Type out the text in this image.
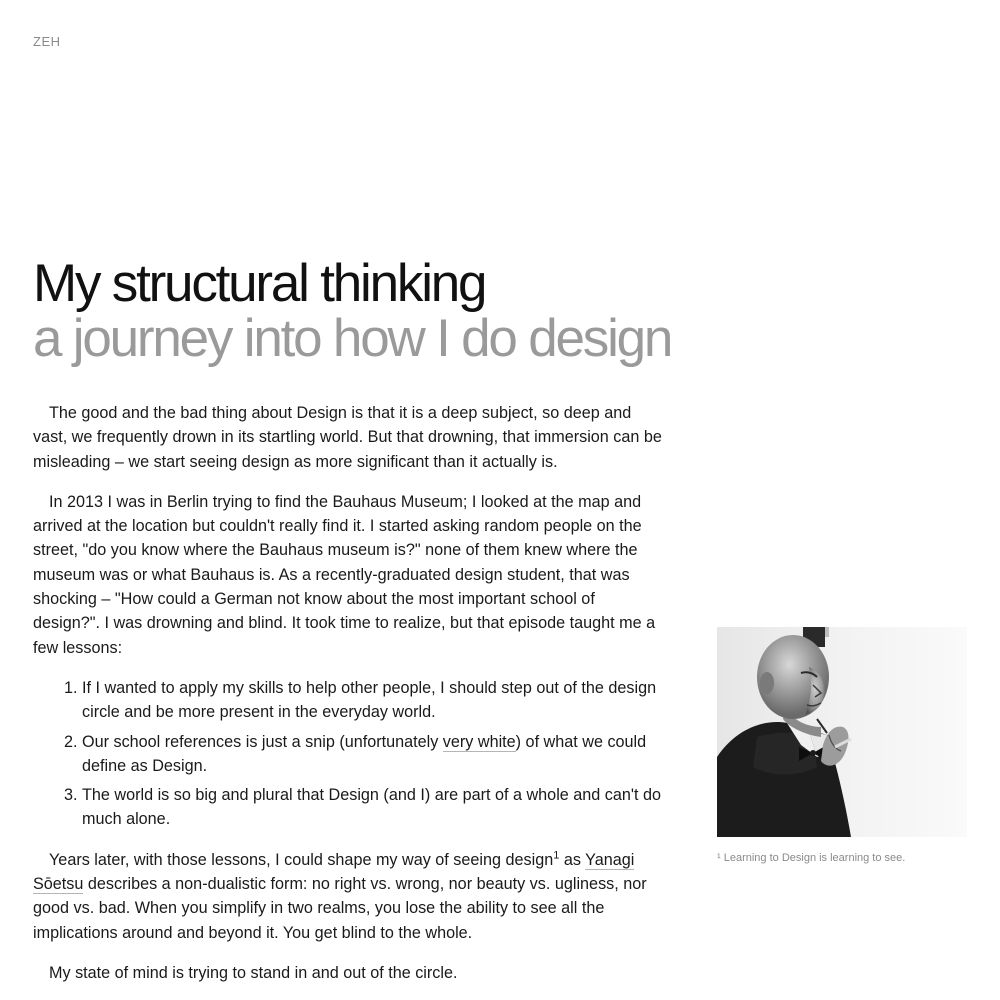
ZEH
My structural thinking
a journey into how I do design

The good and the bad thing about Design is that it is a deep subject, so deep and vast, we frequently drown in its startling world. But that drowning, that immersion can be misleading – we start seeing design as more significant than it actually is.

In 2013 I was in Berlin trying to find the Bauhaus Museum; I looked at the map and arrived at the location but couldn't really find it. I started asking random people on the street, "do you know where the Bauhaus museum is?" none of them knew where the museum was or what Bauhaus is. As a recently-graduated design student, that was shocking – "How could a German not know about the most important school of design?". I was drowning and blind. It took time to realize, but that episode taught me a few lessons:

1. If I wanted to apply my skills to help other people, I should step out of the design circle and be more present in the everyday world.
2. Our school references is just a snip (unfortunately very white) of what we could define as Design.
3. The world is so big and plural that Design (and I) are part of a whole and can't do much alone.

Years later, with those lessons, I could shape my way of seeing design$^1$ as Yanagi Sōetsu describes a non-dualistic form: no right vs. wrong, nor beauty vs. ugliness, nor good vs. bad. When you simplify in two realms, you lose the ability to see all the implications around and beyond it. You get blind to the whole.

My state of mind is trying to stand in and out of the circle.

¹ Learning to Design is learning to see.
